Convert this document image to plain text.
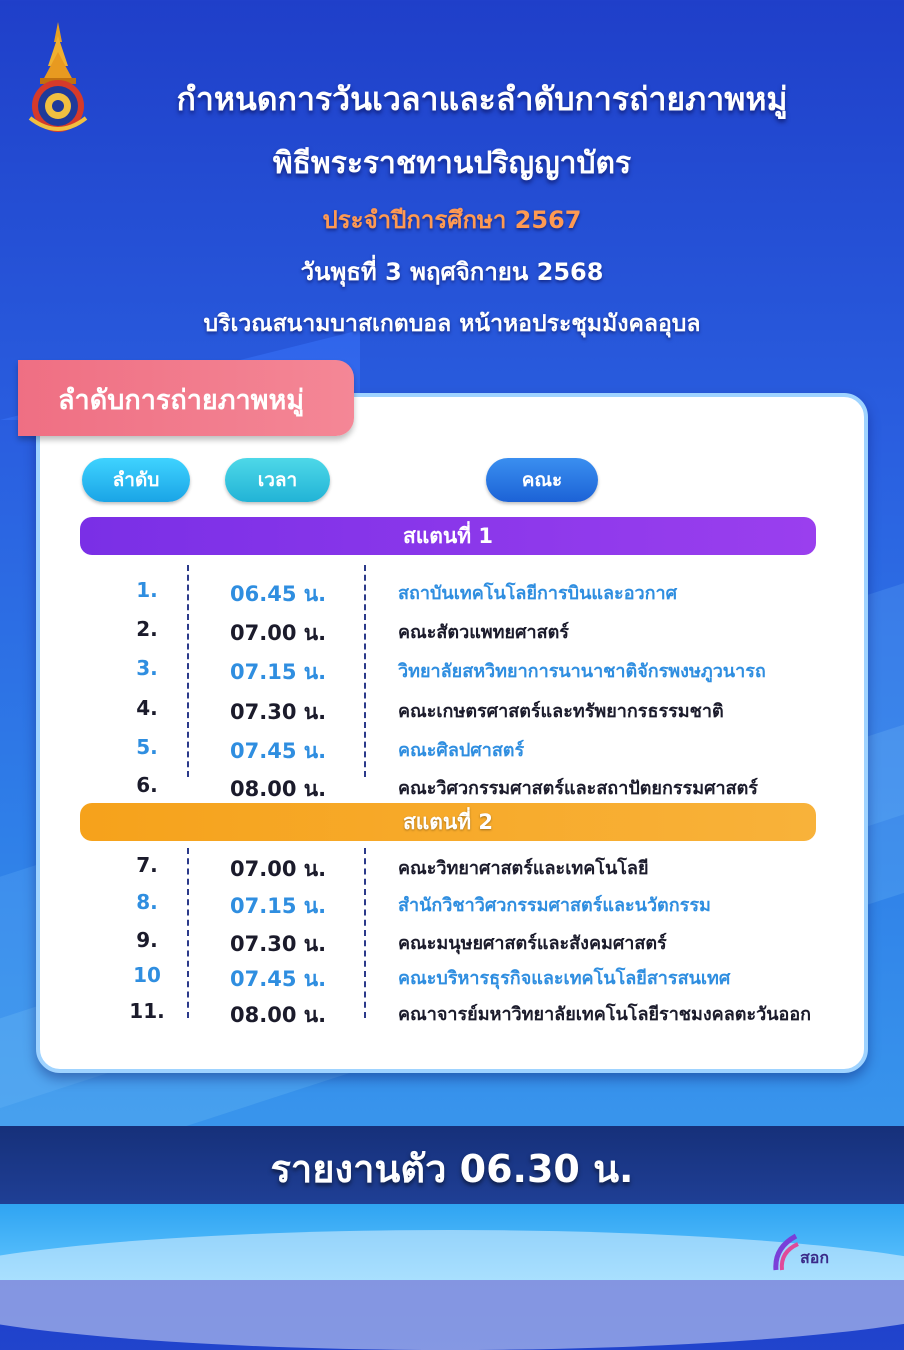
กำหนดการวันเวลาและลำดับการถ่ายภาพหมู่
พิธีพระราชทานปริญญาบัตร
ประจำปีการศึกษา 2567
วันพุธที่ 3 พฤศจิกายน 2568
บริเวณสนามบาสเกตบอล หน้าหอประชุมมังคลอุบล
ลำดับการถ่ายภาพหมู่
ลำดับ	เวลา	คณะ
สแตนที่ 1
1.	06.45 น.	สถาบันเทคโนโลยีการบินและอวกาศ
2.	07.00 น.	คณะสัตวแพทยศาสตร์
3.	07.15 น.	วิทยาลัยสหวิทยาการนานาชาติจักรพงษภูวนารถ
4.	07.30 น.	คณะเกษตรศาสตร์และทรัพยากรธรรมชาติ
5.	07.45 น.	คณะศิลปศาสตร์
6.	08.00 น.	คณะวิศวกรรมศาสตร์และสถาปัตยกรรมศาสตร์
สแตนที่ 2
7.	07.00 น.	คณะวิทยาศาสตร์และเทคโนโลยี
8.	07.15 น.	สำนักวิชาวิศวกรรมศาสตร์และนวัตกรรม
9.	07.30 น.	คณะมนุษยศาสตร์และสังคมศาสตร์
10	07.45 น.	คณะบริหารธุรกิจและเทคโนโลยีสารสนเทศ
11.	08.00 น.	คณาจารย์มหาวิทยาลัยเทคโนโลยีราชมงคลตะวันออก
รายงานตัว 06.30 น.
สอก
